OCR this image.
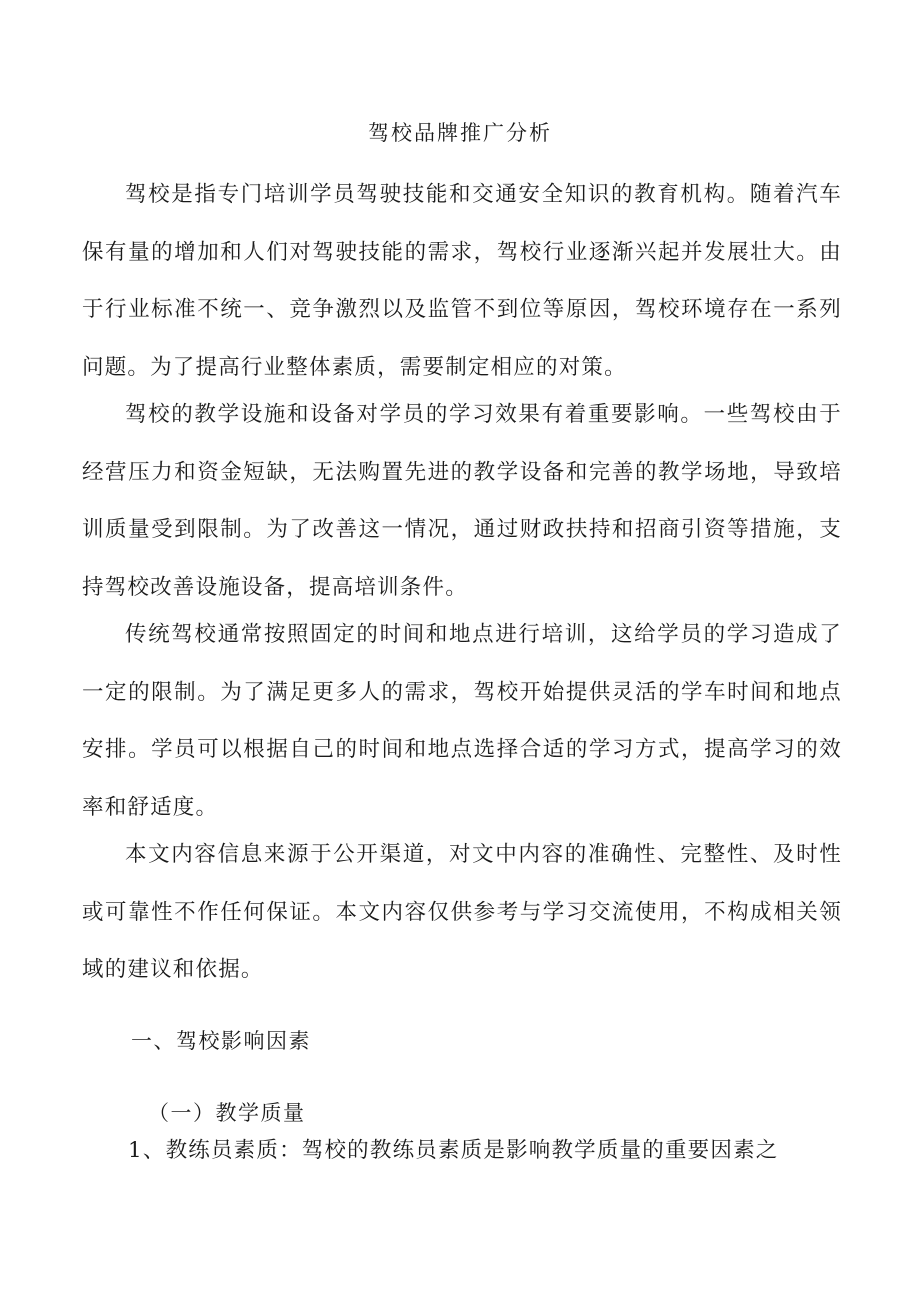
驾校品牌推广分析

驾校是指专门培训学员驾驶技能和交通安全知识的教育机构。随着汽车保有量的增加和人们对驾驶技能的需求，驾校行业逐渐兴起并发展壮大。由于行业标准不统一、竞争激烈以及监管不到位等原因，驾校环境存在一系列问题。为了提高行业整体素质，需要制定相应的对策。

驾校的教学设施和设备对学员的学习效果有着重要影响。一些驾校由于经营压力和资金短缺，无法购置先进的教学设备和完善的教学场地，导致培训质量受到限制。为了改善这一情况，通过财政扶持和招商引资等措施，支持驾校改善设施设备，提高培训条件。

传统驾校通常按照固定的时间和地点进行培训，这给学员的学习造成了一定的限制。为了满足更多人的需求，驾校开始提供灵活的学车时间和地点安排。学员可以根据自己的时间和地点选择合适的学习方式，提高学习的效率和舒适度。

本文内容信息来源于公开渠道，对文中内容的准确性、完整性、及时性或可靠性不作任何保证。本文内容仅供参考与学习交流使用，不构成相关领域的建议和依据。

一、驾校影响因素

（一）教学质量

1、教练员素质：驾校的教练员素质是影响教学质量的重要因素之
